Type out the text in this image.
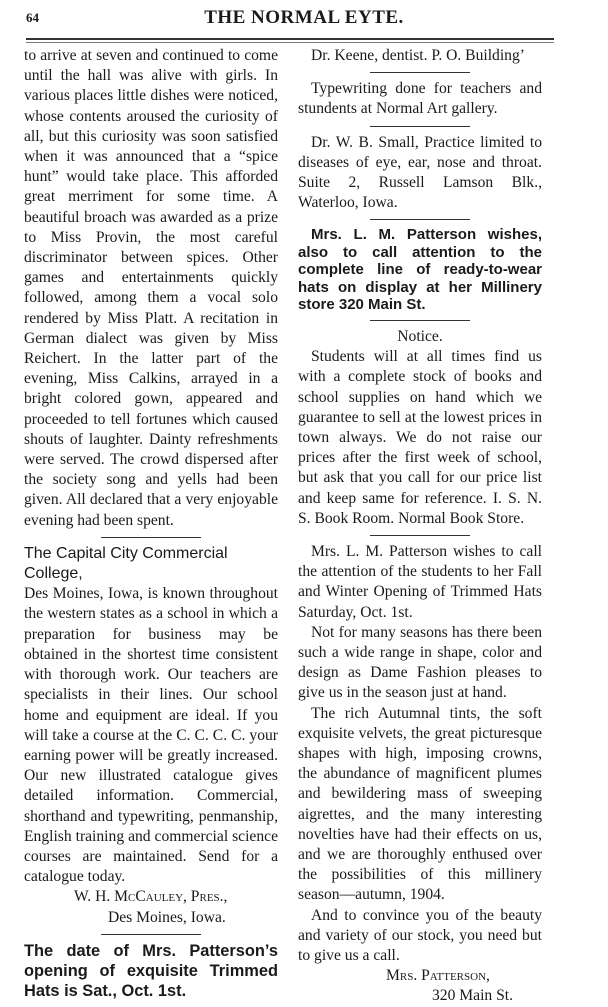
64	THE NORMAL EYTE.

to arrive at seven and continued to come until the hall was alive with girls. In various places little dishes were noticed, whose contents aroused the curiosity of all, but this curiosity was soon satisfied when it was announced that a “spice hunt” would take place. This afforded great merriment for some time. A beautiful broach was awarded as a prize to Miss Provin, the most careful discriminator between spices. Other games and entertainments quickly followed, among them a vocal solo rendered by Miss Platt. A recitation in German dialect was given by Miss Reichert. In the latter part of the evening, Miss Calkins, arrayed in a bright colored gown, appeared and proceeded to tell fortunes which caused shouts of laughter. Dainty refreshments were served. The crowd dispersed after the society song and yells had been given. All declared that a very enjoyable evening had been spent.

The Capital City Commercial College,

Des Moines, Iowa, is known throughout the western states as a school in which a preparation for business may be obtained in the shortest time consistent with thorough work. Our teachers are specialists in their lines. Our school home and equipment are ideal. If you will take a course at the C. C. C. C. your earning power will be greatly increased. Our new illustrated catalogue gives detailed information. Commercial, shorthand and typewriting, penmanship, English training and commercial science courses are maintained. Send for a catalogue today.

W. H. McCauley, Pres.,
Des Moines, Iowa.

The date of Mrs. Patterson’s opening of exquisite Trimmed Hats is Sat., Oct. 1st.

Dr. Keene, dentist. P. O. Building’

Typewriting done for teachers and stundents at Normal Art gallery.

Dr. W. B. Small, Practice limited to diseases of eye, ear, nose and throat. Suite 2, Russell Lamson Blk., Waterloo, Iowa.

Mrs. L. M. Patterson wishes, also to call attention to the complete line of ready-to-wear hats on display at her Millinery store 320 Main St.

Notice.

Students will at all times find us with a complete stock of books and school supplies on hand which we guarantee to sell at the lowest prices in town always. We do not raise our prices after the first week of school, but ask that you call for our price list and keep same for reference. I. S. N. S. Book Room. Normal Book Store.

Mrs. L. M. Patterson wishes to call the attention of the students to her Fall and Winter Opening of Trimmed Hats Saturday, Oct. 1st.

Not for many seasons has there been such a wide range in shape, color and design as Dame Fashion pleases to give us in the season just at hand.

The rich Autumnal tints, the soft exquisite velvets, the great picturesque shapes with high, imposing crowns, the abundance of magnificent plumes and bewildering mass of sweeping aigrettes, and the many interesting novelties have had their effects on us, and we are thoroughly enthused over the possibilities of this millinery season—autumn, 1904.

And to convince you of the beauty and variety of our stock, you need but to give us a call.

Mrs. Patterson,
320 Main St.
